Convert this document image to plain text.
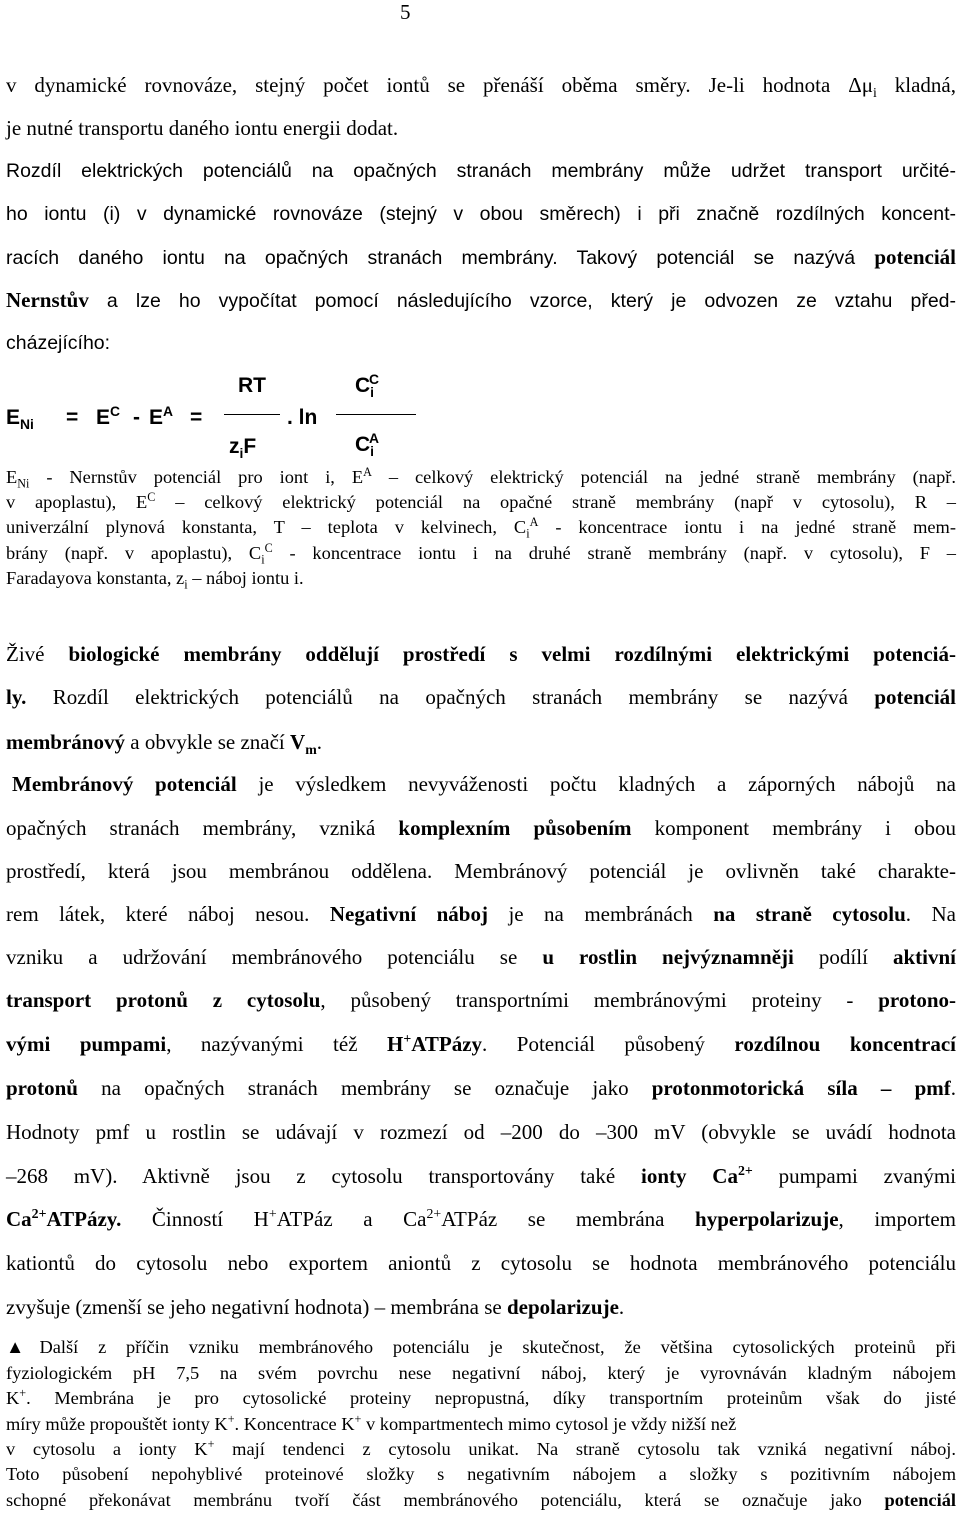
5
v dynamické rovnováze, stejný počet iontů se přenáší oběma směry. Je-li hodnota $\Delta\mu_i$ kladná,
je nutné transportu daného iontu energii dodat.
Rozdíl elektrických potenciálů na opačných stranách membrány může udržet transport určité-
ho iontu (i) v dynamické rovnováze (stejný v obou směrech) i při značně rozdílných koncent-
racích daného iontu na opačných stranách membrány. Takový potenciál se nazývá potenciál
Nernstův a lze ho vypočítat pomocí následujícího vzorce, který je odvozen ze vztahu před-
cházejícího:
$E_{Ni} = E^C - E^A$ =
RT
$z_iF$
. ln
$C_i^C$
$C_i^A$
$E_{Ni}$ - Nernstův potenciál pro iont i, $E^A$ – celkový elektrický potenciál na jedné straně membrány (např.
v apoplastu), $E^C$ – celkový elektrický potenciál na opačné straně membrány (např v cytosolu), R –
univerzální plynová konstanta, T – teplota v kelvinech, $C_i^A$ - koncentrace iontu i na jedné straně mem-
brány (např. v apoplastu), $C_i^C$ - koncentrace iontu i na druhé straně membrány (např. v cytosolu), F –
Faradayova konstanta, $z_i$ – náboj iontu i.
Živé biologické membrány oddělují prostředí s velmi rozdílnými elektrickými potenciá-
ly. Rozdíl elektrických potenciálů na opačných stranách membrány se nazývá potenciál
membránový a obvykle se značí $V_m$.
Membránový potenciál je výsledkem nevyváženosti počtu kladných a záporných nábojů na
opačných stranách membrány, vzniká komplexním působením komponent membrány i obou
prostředí, která jsou membránou oddělena. Membránový potenciál je ovlivněn také charakte-
rem látek, které náboj nesou. Negativní náboj je na membránách na straně cytosolu. Na
vzniku a udržování membránového potenciálu se u rostlin nejvýznamněji podílí aktivní
transport protonů z cytosolu, působený transportními membránovými proteiny - protono-
vými pumpami, nazývanými též H+ATPázy. Potenciál působený rozdílnou koncentrací
protonů na opačných stranách membrány se označuje jako protonmotorická síla – pmf.
Hodnoty pmf u rostlin se udávají v rozmezí od –200 do –300 mV (obvykle se uvádí hodnota
–268 mV). Aktivně jsou z cytosolu transportovány také ionty $Ca^{2+}$ pumpami zvanými
$Ca^{2+}ATPázy$. Činností H+ATPáz a $Ca^{2+}ATPáz$ se membrána hyperpolarizuje, importem
kationtů do cytosolu nebo exportem aniontů z cytosolu se hodnota membránového potenciálu
zvyšuje (zmenší se jeho negativní hodnota) – membrána se depolarizuje.
▲Další z příčin vzniku membránového potenciálu je skutečnost, že většina cytosolických proteinů při
fyziologickém pH 7,5 na svém povrchu nese negativní náboj, který je vyrovnáván kladným nábojem
K+. Membrána je pro cytosolické proteiny nepropustná, díky transportním proteinům však do jisté
míry může propouštět ionty K+. Koncentrace K+ v kompartmentech mimo cytosol je vždy nižší než
v cytosolu a ionty K+ mají tendenci z cytosolu unikat. Na straně cytosolu tak vzniká negativní náboj.
Toto působení nepohyblivé proteinové složky s negativním nábojem a složky s pozitivním nábojem
schopné překonávat membránu tvoří část membránového potenciálu, která se označuje jako potenciál
